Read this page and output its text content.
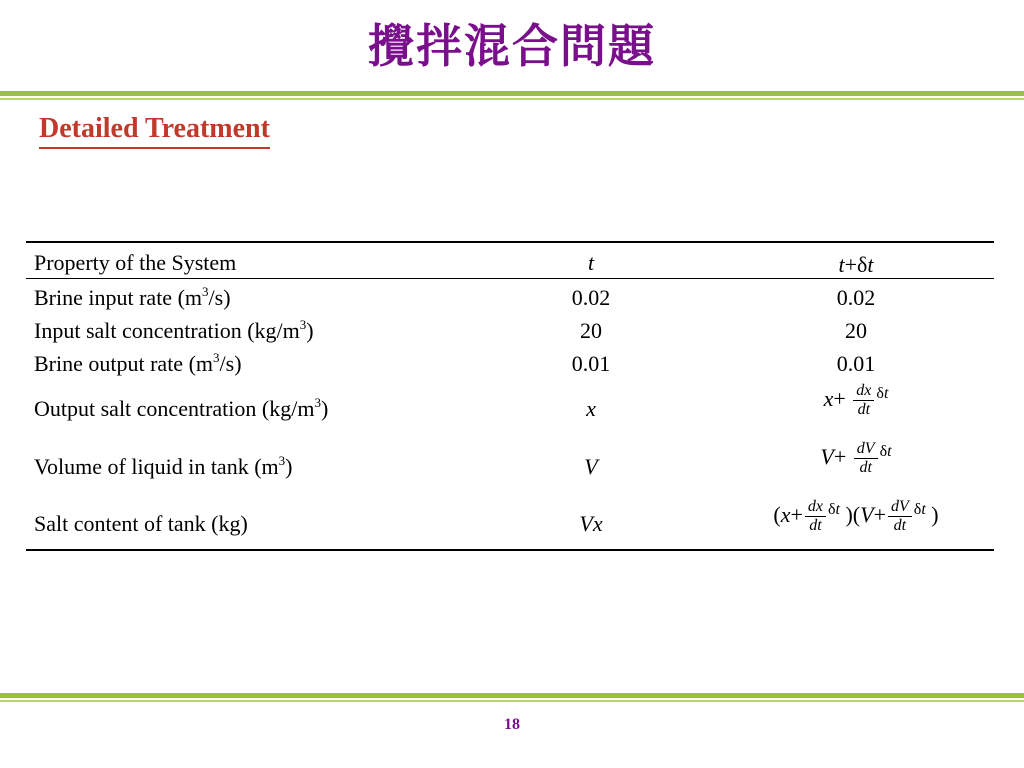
攪拌混合問題
Detailed Treatment
Property of the System	t	t+δt
Brine input rate $(m^3/s)$	0.02	0.02
Input salt concentration $(kg/m^3)$	20	20
Brine output rate $(m^3/s)$	0.01	0.01
Output salt concentration $(kg/m^3)$	x	$x+ \frac{dx}{dt} ^{\delta t}$
Volume of liquid in tank $(m^3)$	V	$V+ \frac{dV}{dt} ^{\delta t}$
Salt content of tank (kg)	Vx	($x+ \frac{dx}{dt} ^{\delta t}$ )($V+ \frac{dV}{dt} ^{\delta t}$ )
18
